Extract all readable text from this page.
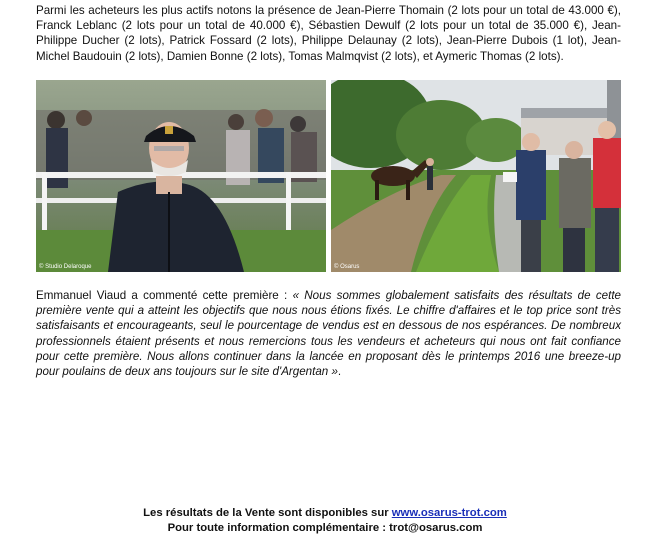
Parmi les acheteurs les plus actifs notons la présence de Jean-Pierre Thomain (2 lots pour un total de 43.000 €), Franck Leblanc (2 lots pour un total de 40.000 €), Sébastien Dewulf (2 lots pour un total de 35.000 €), Jean-Philippe Ducher (2 lots), Patrick Fossard (2 lots), Philippe Delaunay (2 lots), Jean-Pierre Dubois (1 lot), Jean-Michel Baudouin (2 lots), Damien Bonne (2 lots), Tomas Malmqvist (2 lots), et Aymeric Thomas (2 lots).

© Studio Delaroque	© Osarus

Emmanuel Viaud a commenté cette première : « Nous sommes globalement satisfaits des résultats de cette première vente qui a atteint les objectifs que nous nous étions fixés. Le chiffre d'affaires et le top price sont très satisfaisants et encourageants, seul le pourcentage de vendus est en dessous de nos espérances. De nombreux professionnels étaient présents et nous remercions tous les vendeurs et acheteurs qui nous ont fait confiance pour cette première. Nous allons continuer dans la lancée en proposant dès le printemps 2016 une breeze-up pour poulains de deux ans toujours sur le site d'Argentan ».

Les résultats de la Vente sont disponibles sur www.osarus-trot.com
Pour toute information complémentaire : trot@osarus.com
